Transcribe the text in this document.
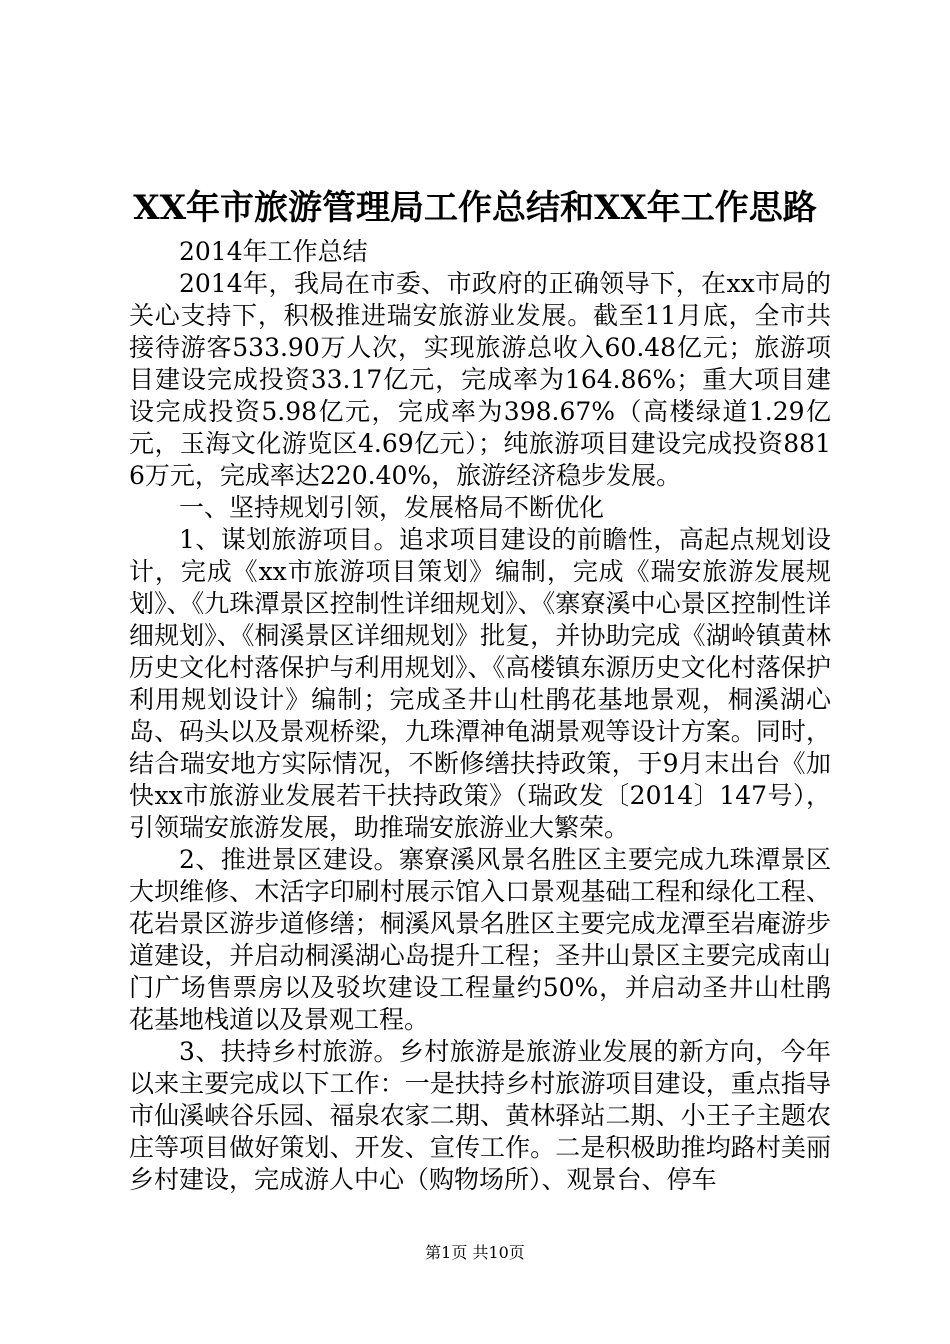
XX年市旅游管理局工作总结和XX年工作思路

2014年工作总结

2014年，我局在市委、市政府的正确领导下，在xx市局的关心支持下，积极推进瑞安旅游业发展。截至11月底，全市共接待游客533.90万人次，实现旅游总收入60.48亿元；旅游项目建设完成投资33.17亿元，完成率为164.86%；重大项目建设完成投资5.98亿元，完成率为398.67%（高楼绿道1.29亿元，玉海文化游览区4.69亿元）；纯旅游项目建设完成投资8816万元，完成率达220.40%，旅游经济稳步发展。

一、坚持规划引领，发展格局不断优化

1、谋划旅游项目。追求项目建设的前瞻性，高起点规划设计，完成《xx市旅游项目策划》编制，完成《瑞安旅游发展规划》、《九珠潭景区控制性详细规划》、《寨寮溪中心景区控制性详细规划》、《桐溪景区详细规划》批复，并协助完成《湖岭镇黄林历史文化村落保护与利用规划》、《高楼镇东源历史文化村落保护利用规划设计》编制；完成圣井山杜鹃花基地景观，桐溪湖心岛、码头以及景观桥梁，九珠潭神龟湖景观等设计方案。同时，结合瑞安地方实际情况，不断修缮扶持政策，于9月末出台《加快xx市旅游业发展若干扶持政策》（瑞政发〔2014〕147号），引领瑞安旅游发展，助推瑞安旅游业大繁荣。

2、推进景区建设。寨寮溪风景名胜区主要完成九珠潭景区大坝维修、木活字印刷村展示馆入口景观基础工程和绿化工程、花岩景区游步道修缮；桐溪风景名胜区主要完成龙潭至岩庵游步道建设，并启动桐溪湖心岛提升工程；圣井山景区主要完成南山门广场售票房以及驳坎建设工程量约50%，并启动圣井山杜鹃花基地栈道以及景观工程。

3、扶持乡村旅游。乡村旅游是旅游业发展的新方向，今年以来主要完成以下工作：一是扶持乡村旅游项目建设，重点指导市仙溪峡谷乐园、福泉农家二期、黄林驿站二期、小王子主题农庄等项目做好策划、开发、宣传工作。二是积极助推均路村美丽乡村建设，完成游人中心（购物场所）、观景台、停车

第1页 共10页
